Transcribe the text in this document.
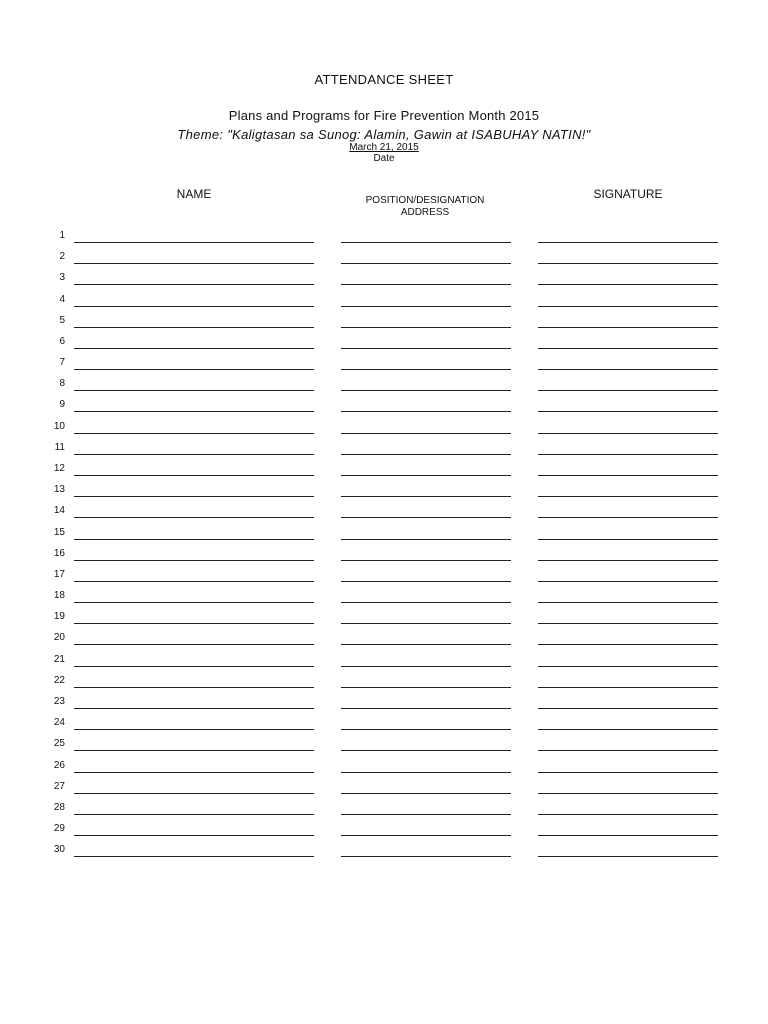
ATTENDANCE SHEET
Plans and Programs for Fire Prevention Month 2015
Theme: "Kaligtasan sa Sunog: Alamin, Gawin at ISABUHAY NATIN!"
March 21, 2015
Date
NAME	POSITION/DESIGNATION
ADDRESS
SIGNATURE
1
2
3
4
5
6
7
8
9
10
11
12
13
14
15
16
17
18
19
20
21
22
23
24
25
26
27
28
29
30
